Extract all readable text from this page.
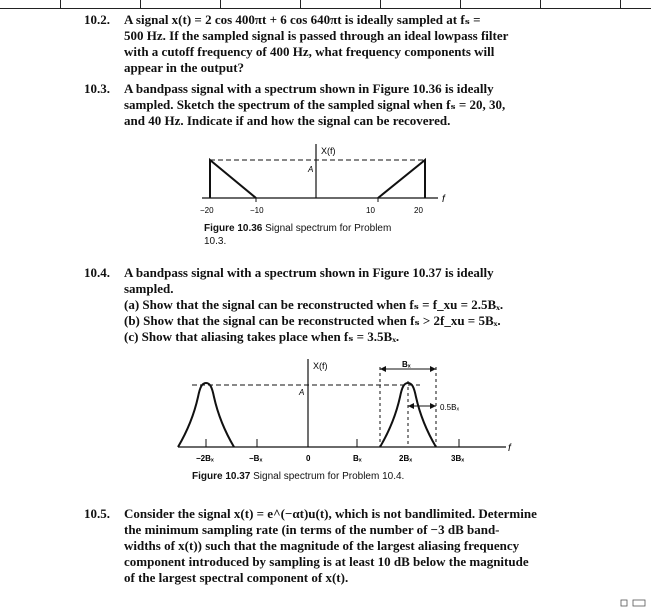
10.2. A signal x(t) = 2 cos 400πt + 6 cos 640πt is ideally sampled at fₛ =
500 Hz. If the sampled signal is passed through an ideal lowpass filter
with a cutoff frequency of 400 Hz, what frequency components will
appear in the output?
10.3. A bandpass signal with a spectrum shown in Figure 10.36 is ideally
sampled. Sketch the spectrum of the sampled signal when fₛ = 20, 30,
and 40 Hz. Indicate if and how the signal can be recovered.
X(f)
A
f
−20	−10	10	20
Figure 10.36 Signal spectrum for Problem
10.3.
10.4. A bandpass signal with a spectrum shown in Figure 10.37 is ideally
sampled.
(a) Show that the signal can be reconstructed when fₛ = f_xu = 2.5Bₓ.
(b) Show that the signal can be reconstructed when fₛ > 2f_xu = 5Bₓ.
(c) Show that aliasing takes place when fₛ = 3.5Bₓ.
X(f)
A
Bₓ
0.5Bₓ
f
−2Bₓ	−Bₓ	0	Bₓ	2Bₓ	3Bₓ
Figure 10.37 Signal spectrum for Problem 10.4.
10.5. Consider the signal x(t) = e^(−αt)u(t), which is not bandlimited. Determine
the minimum sampling rate (in terms of the number of −3 dB band-
widths of x(t)) such that the magnitude of the largest aliasing frequency
component introduced by sampling is at least 10 dB below the magnitude
of the largest spectral component of x(t).
